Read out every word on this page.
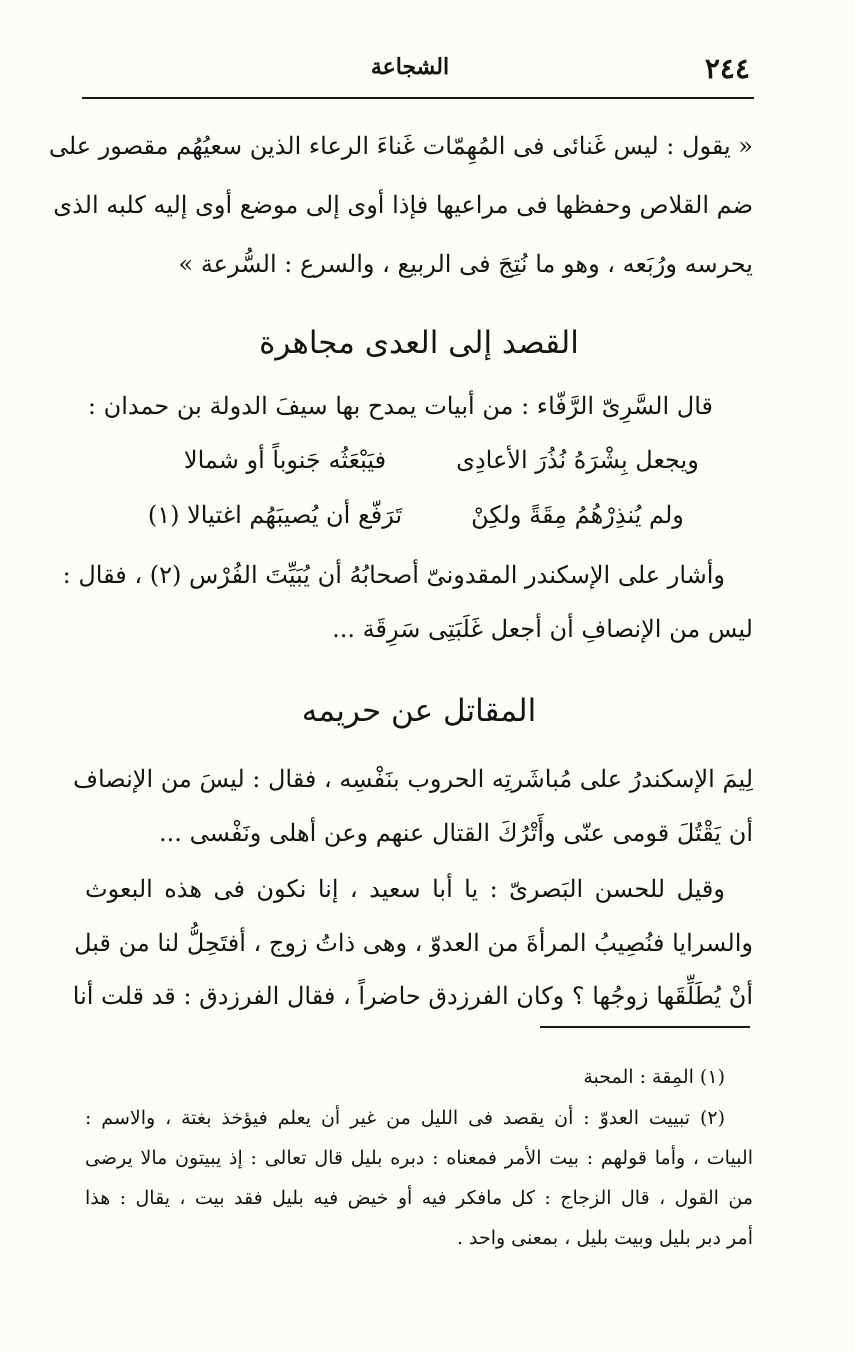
٢٤٤
الشجاعة
« يقول : ليس غَنائى فى المُهِمّات غَناءَ الرعاء الذين سعيُهُم مقصور على
ضم القلاص وحفظها فى مراعيها فإذا أوى إلى موضع أوى إليه كلبه الذى
يحرسه ورُبَعه ، وهو ما نُتِجَ فى الربيع ، والسرع : السُّرعة »
القصد إلى العدى مجاهرة
قال السَّرِىّ الرَّفّاء : من أبيات يمدح بها سيفَ الدولة بن حمدان :
ويجعل بِشْرَهُ نُذُرَ الأعادِى
فيَبْعَثُه جَنوباً أو شمالا
ولم يُنذِرْهُمُ مِقَةً ولكِنْ
تَرَفّع أن يُصيبَهُم اغتيالا (١)
وأشار على الإسكندر المقدونىّ أصحابُهُ أن يُبَيِّتَ الفُرْس (٢) ، فقال :
ليس من الإنصافِ أن أجعل غَلَبَتِى سَرِقَة ...
المقاتل عن حريمه
لِيمَ الإسكندرُ على مُباشَرتِه الحروب بنَفْسِه ، فقال : ليسَ من الإنصاف
أن يَقْتُلَ قومى عنّى وأَتْرُكَ القتال عنهم وعن أهلى ونَفْسى ...
وقيل للحسن البَصرىّ : يا أبا سعيد ، إنا نكون فى هذه البعوث
والسرايا فنُصِيبُ المرأةَ من العدوّ ، وهى ذاتُ زوج ، أفتَحِلُّ لنا من قبل
أنْ يُطَلِّقَها زوجُها ؟ وكان الفرزدق حاضراً ، فقال الفرزدق : قد قلت أنا
(١) المِقة : المحبة
(٢) تبييت العدوّ : أن يقصد فى الليل من غير أن يعلم فيؤخذ بغتة ، والاسم :
البيات ، وأما قولهم : بيت الأمر فمعناه : دبره بليل قال تعالى : إذ يبيتون مالا يرضى
من القول ، قال الزجاج : كل مافكر فيه أو خيض فيه بليل فقد بيت ، يقال : هذا
أمر دبر بليل وبيت بليل ، بمعنى واحد .
